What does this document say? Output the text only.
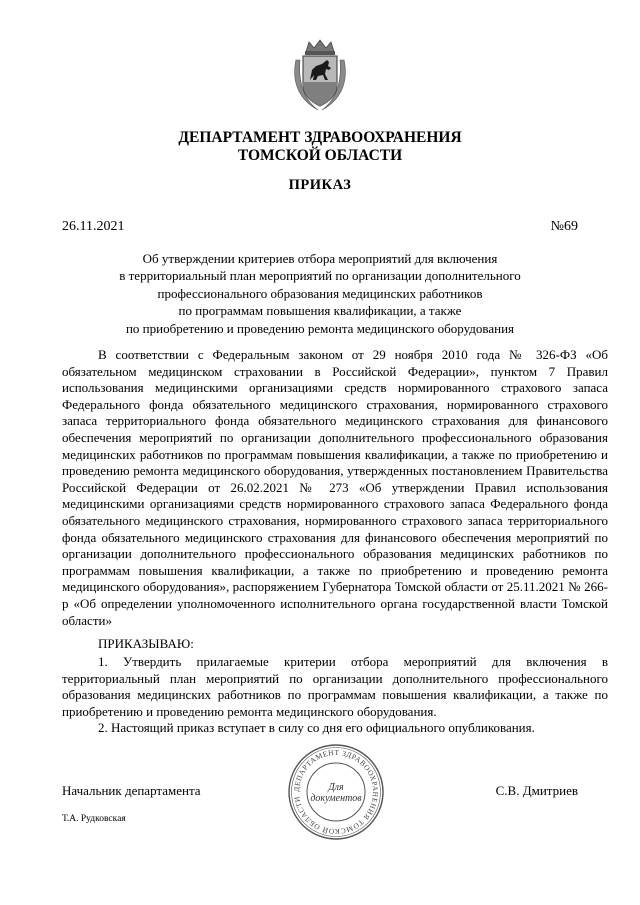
ДЕПАРТАМЕНТ ЗДРАВООХРАНЕНИЯ
ТОМСКОЙ ОБЛАСТИ
ПРИКАЗ
26.11.2021	№69
Об утверждении критериев отбора мероприятий для включения
в территориальный план мероприятий по организации дополнительного
профессионального образования медицинских работников
по программам повышения квалификации, а также
по приобретению и проведению ремонта медицинского оборудования

В соответствии с Федеральным законом от 29 ноября 2010 года № 326-ФЗ «Об обязательном медицинском страховании в Российской Федерации», пунктом 7 Правил использования медицинскими организациями средств нормированного страхового запаса Федерального фонда обязательного медицинского страхования, нормированного страхового запаса территориального фонда обязательного медицинского страхования для финансового обеспечения мероприятий по организации дополнительного профессионального образования медицинских работников по программам повышения квалификации, а также по приобретению и проведению ремонта медицинского оборудования, утвержденных постановлением Правительства Российской Федерации от 26.02.2021 № 273 «Об утверждении Правил использования медицинскими организациями средств нормированного страхового запаса Федерального фонда обязательного медицинского страхования, нормированного страхового запаса территориального фонда обязательного медицинского страхования для финансового обеспечения мероприятий по организации дополнительного профессионального образования медицинских работников по программам повышения квалификации, а также по приобретению и проведению ремонта медицинского оборудования», распоряжением Губернатора Томской области от 25.11.2021 № 266-р «Об определении уполномоченного исполнительного органа государственной власти Томской области»

ПРИКАЗЫВАЮ:

1. Утвердить прилагаемые критерии отбора мероприятий для включения в территориальный план мероприятий по организации дополнительного профессионального образования медицинских работников по программам повышения квалификации, а также по приобретению и проведению ремонта медицинского оборудования.

2. Настоящий приказ вступает в силу со дня его официального опубликования.

Начальник департамента	С.В. Дмитриев
ДЕПАРТАМЕНТ ЗДРАВООХРАНЕНИЯ ТОМСКОЙ ОБЛАСТИ
Для
документов
Т.А. Рудковская
